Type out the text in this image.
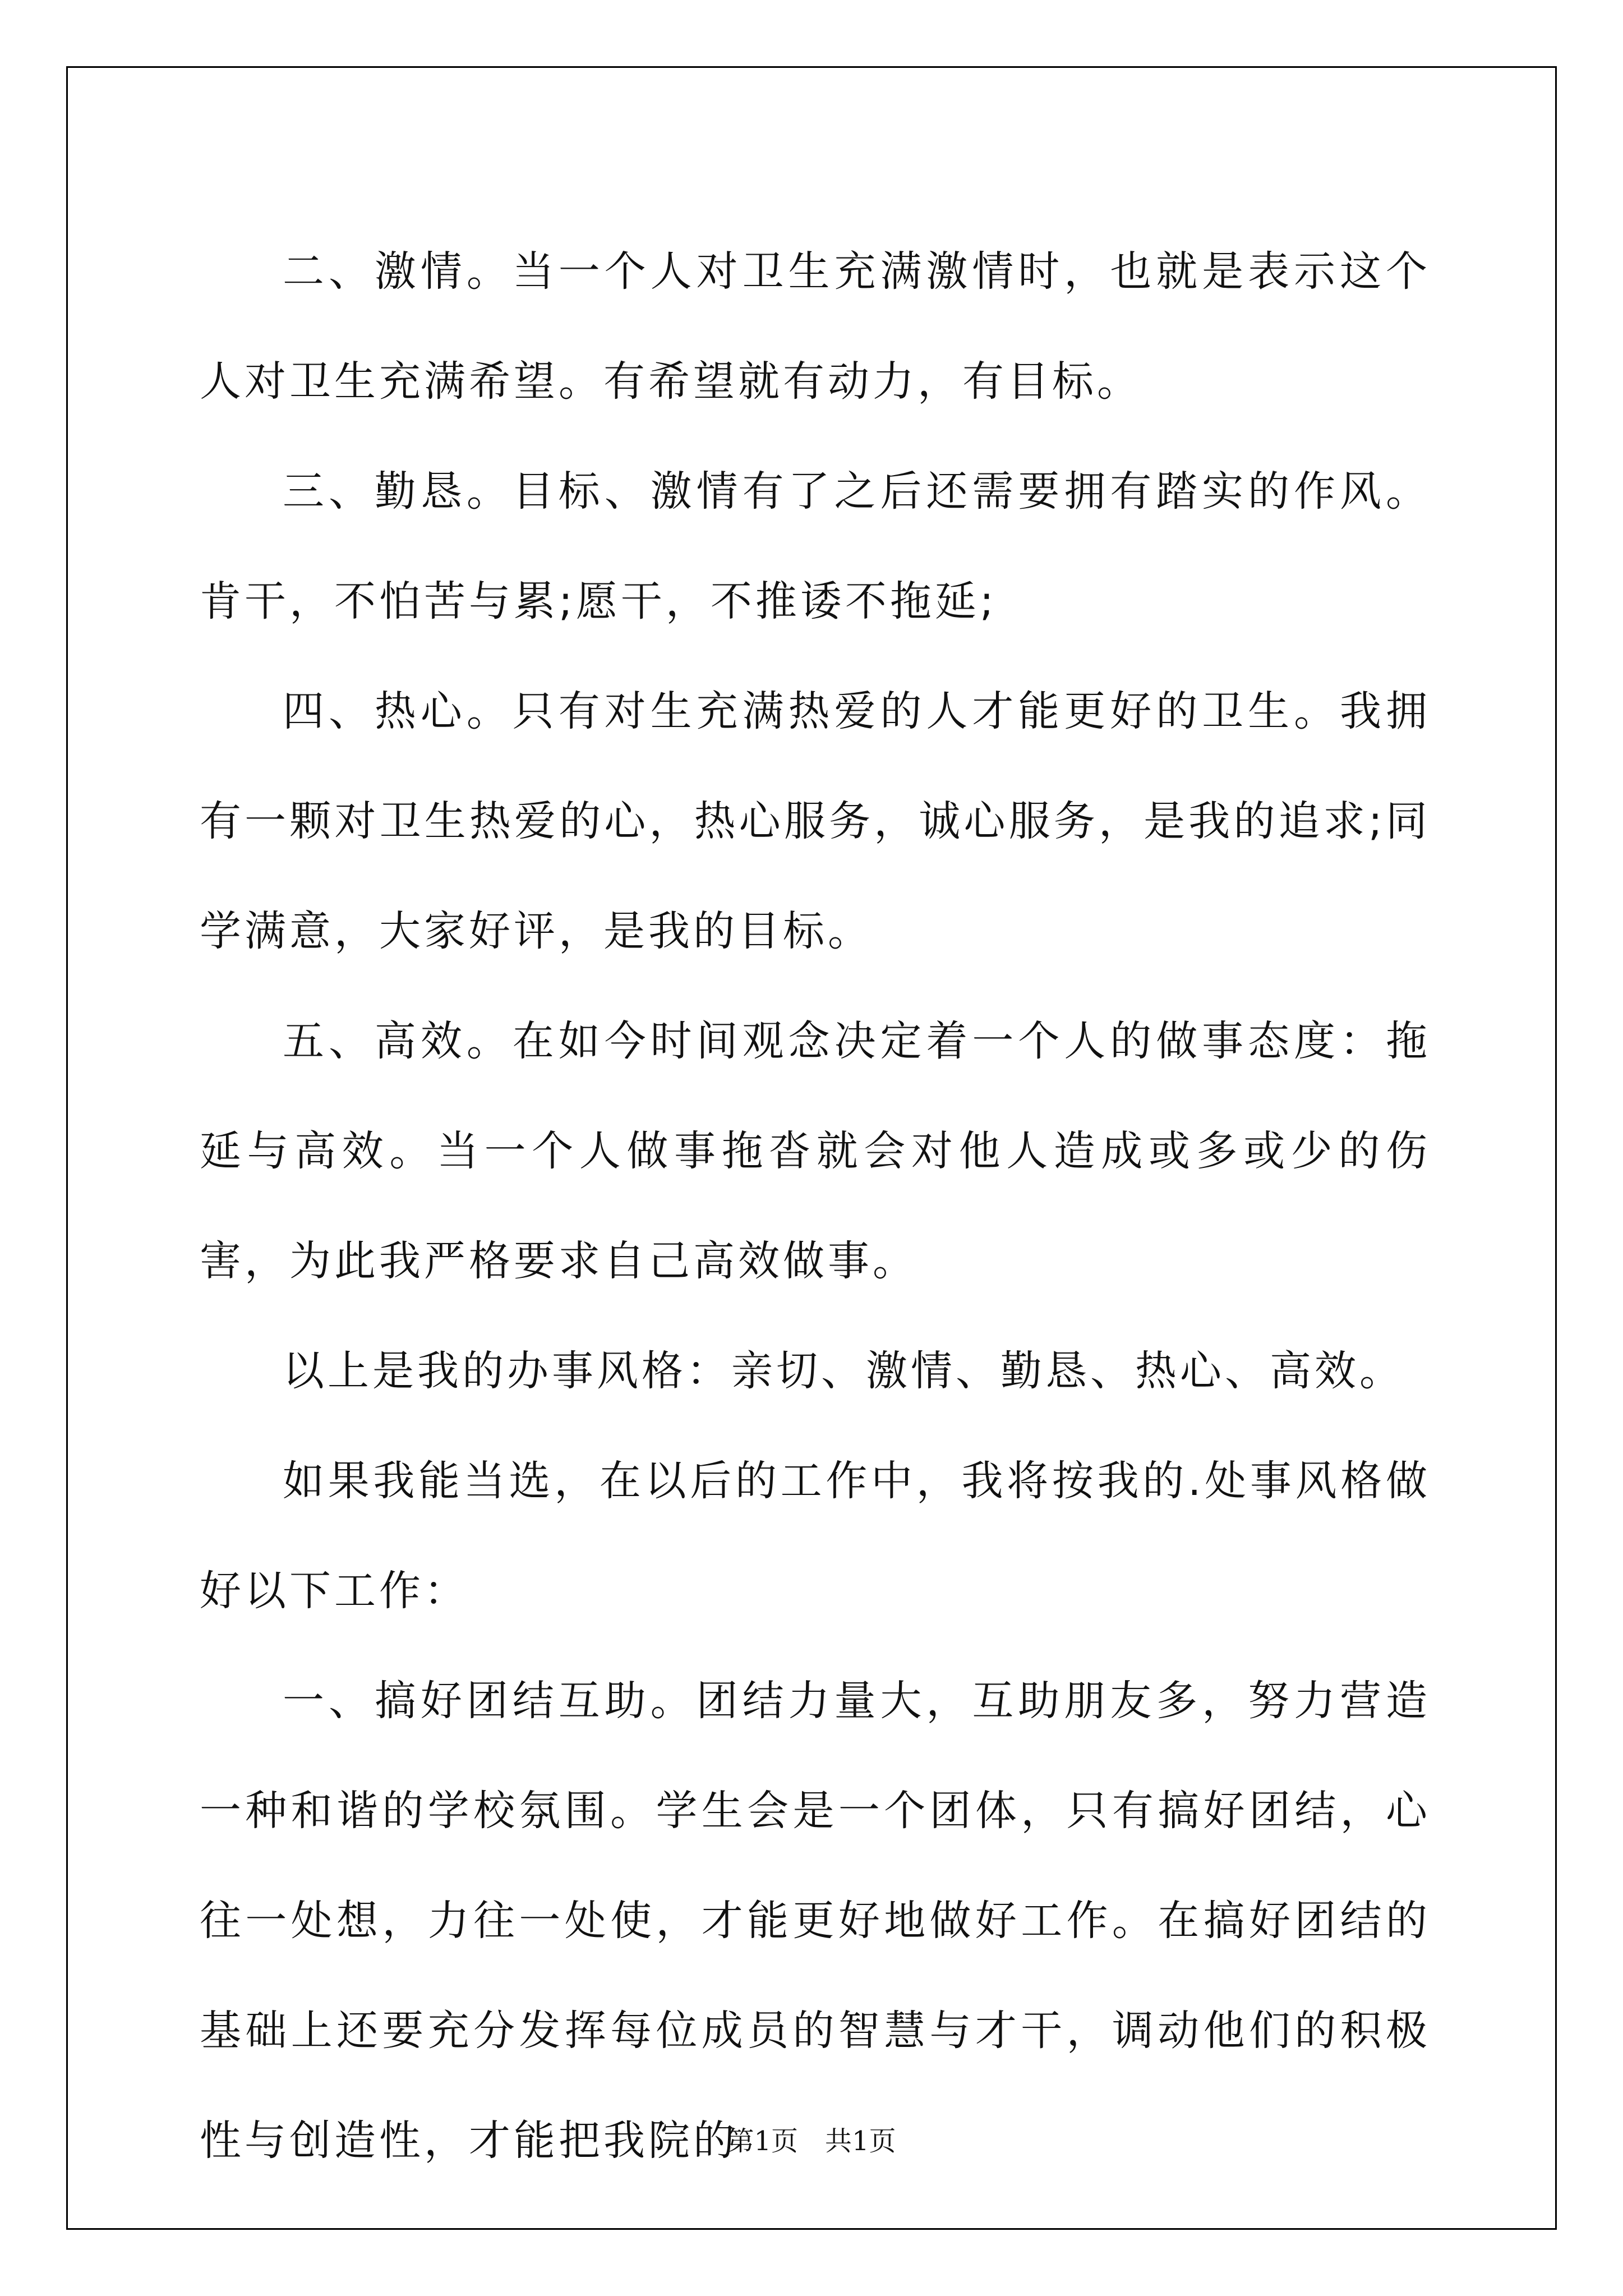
二、激情。当一个人对卫生充满激情时，也就是表示这个人对卫生充满希望。有希望就有动力，有目标。

三、勤恳。目标、激情有了之后还需要拥有踏实的作风。肯干，不怕苦与累;愿干，不推诿不拖延;

四、热心。只有对生充满热爱的人才能更好的卫生。我拥有一颗对卫生热爱的心，热心服务，诚心服务，是我的追求;同学满意，大家好评，是我的目标。

五、高效。在如今时间观念决定着一个人的做事态度：拖延与高效。当一个人做事拖沓就会对他人造成或多或少的伤害，为此我严格要求自己高效做事。

以上是我的办事风格：亲切、激情、勤恳、热心、高效。

如果我能当选，在以后的工作中，我将按我的.处事风格做好以下工作：

一、搞好团结互助。团结力量大，互助朋友多，努力营造一种和谐的学校氛围。学生会是一个团体，只有搞好团结，心往一处想，力往一处使，才能更好地做好工作。在搞好团结的基础上还要充分发挥每位成员的智慧与才干，调动他们的积极性与创造性，才能把我院的

第1页 共1页
